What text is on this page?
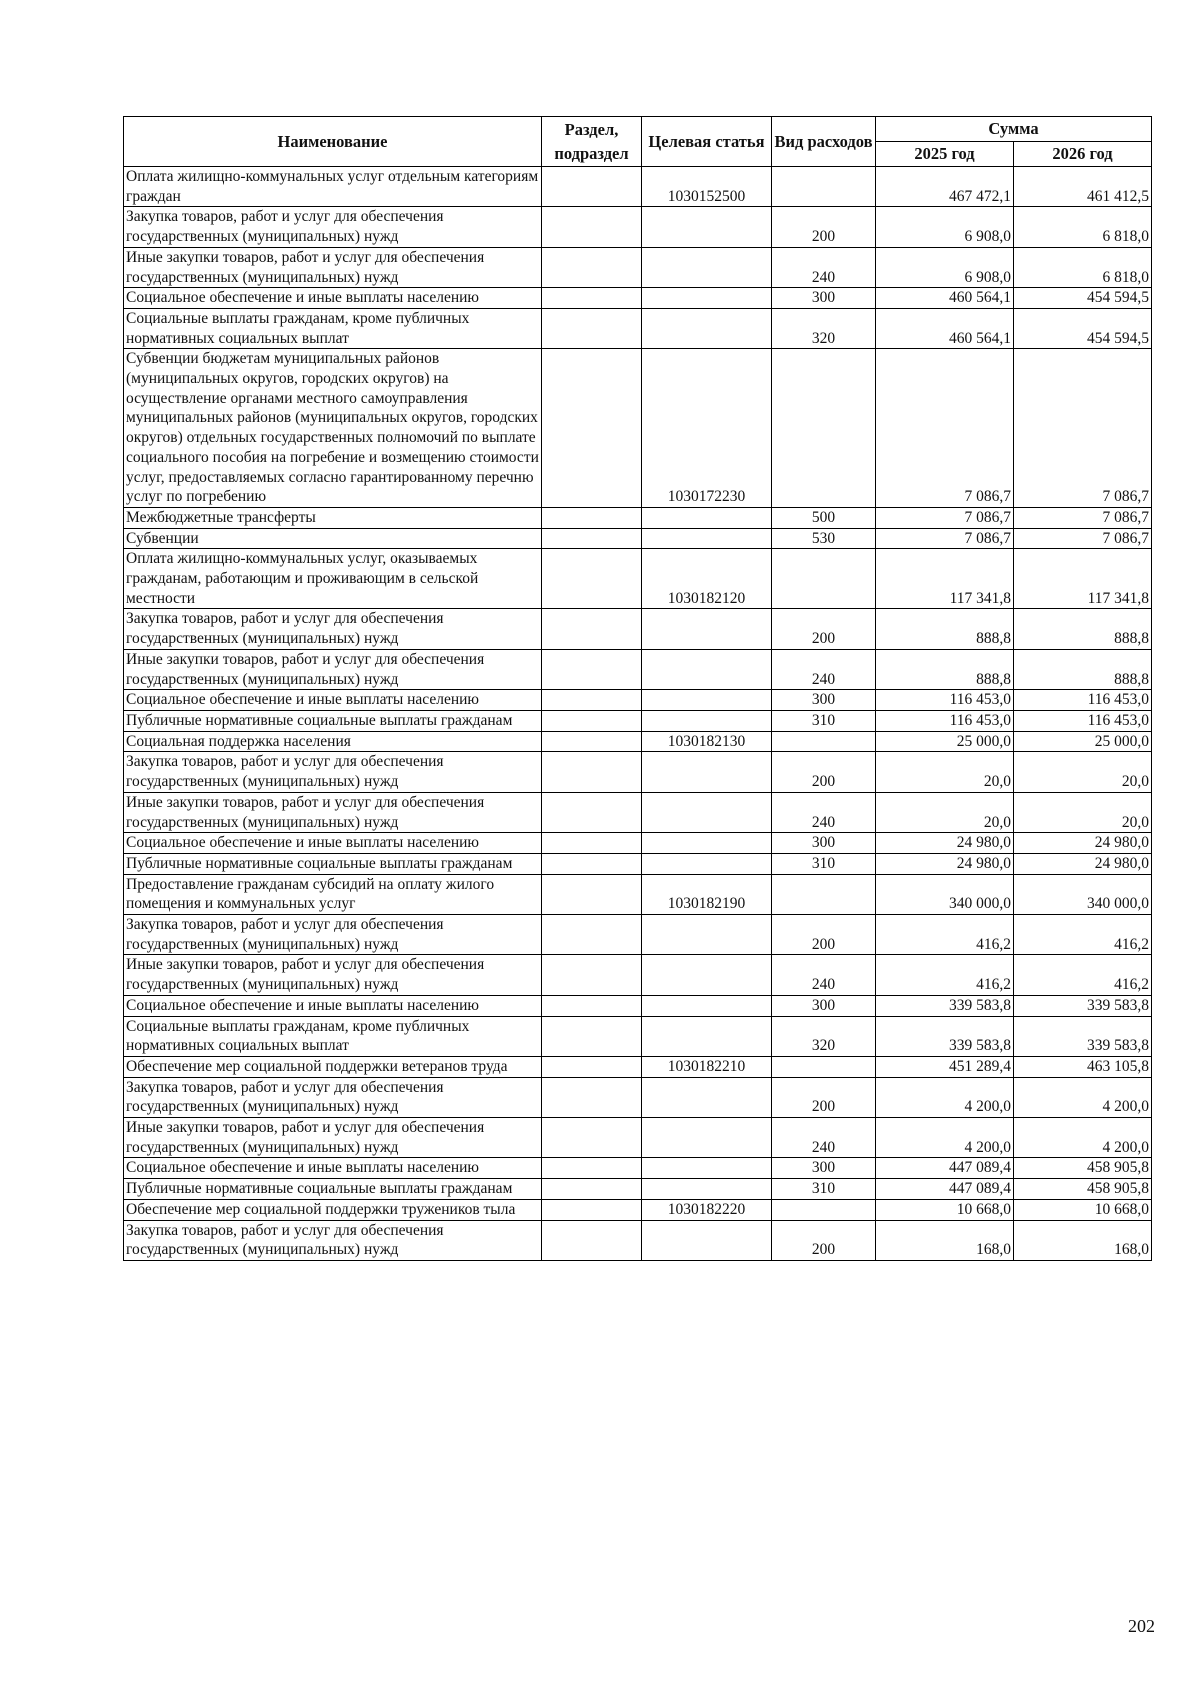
Наименование	Раздел, подраздел	Целевая статья	Вид расходов	Сумма	
				2025 год	2026 год
Оплата жилищно-коммунальных услуг отдельным категориям граждан		1030152500		467 472,1	461 412,5
Закупка товаров, работ и услуг для обеспечения государственных (муниципальных) нужд			200	6 908,0	6 818,0
Иные закупки товаров, работ и услуг для обеспечения государственных (муниципальных) нужд			240	6 908,0	6 818,0
Социальное обеспечение и иные выплаты населению			300	460 564,1	454 594,5
Социальные выплаты гражданам, кроме публичных нормативных социальных выплат			320	460 564,1	454 594,5
Субвенции бюджетам муниципальных районов (муниципальных округов, городских округов) на осуществление органами местного самоуправления муниципальных районов (муниципальных округов, городских округов) отдельных государственных полномочий по выплате социального пособия на погребение и возмещению стоимости услуг, предоставляемых согласно гарантированному перечню услуг по погребению		1030172230		7 086,7	7 086,7
Межбюджетные трансферты			500	7 086,7	7 086,7
Субвенции			530	7 086,7	7 086,7
Оплата жилищно-коммунальных услуг, оказываемых гражданам, работающим и проживающим в сельской местности		1030182120		117 341,8	117 341,8
Закупка товаров, работ и услуг для обеспечения государственных (муниципальных) нужд			200	888,8	888,8
Иные закупки товаров, работ и услуг для обеспечения государственных (муниципальных) нужд			240	888,8	888,8
Социальное обеспечение и иные выплаты населению			300	116 453,0	116 453,0
Публичные нормативные социальные выплаты гражданам			310	116 453,0	116 453,0
Социальная поддержка населения		1030182130		25 000,0	25 000,0
Закупка товаров, работ и услуг для обеспечения государственных (муниципальных) нужд			200	20,0	20,0
Иные закупки товаров, работ и услуг для обеспечения государственных (муниципальных) нужд			240	20,0	20,0
Социальное обеспечение и иные выплаты населению			300	24 980,0	24 980,0
Публичные нормативные социальные выплаты гражданам			310	24 980,0	24 980,0
Предоставление гражданам субсидий на оплату жилого помещения и коммунальных услуг		1030182190		340 000,0	340 000,0
Закупка товаров, работ и услуг для обеспечения государственных (муниципальных) нужд			200	416,2	416,2
Иные закупки товаров, работ и услуг для обеспечения государственных (муниципальных) нужд			240	416,2	416,2
Социальное обеспечение и иные выплаты населению			300	339 583,8	339 583,8
Социальные выплаты гражданам, кроме публичных нормативных социальных выплат			320	339 583,8	339 583,8
Обеспечение мер социальной поддержки ветеранов труда		1030182210		451 289,4	463 105,8
Закупка товаров, работ и услуг для обеспечения государственных (муниципальных) нужд			200	4 200,0	4 200,0
Иные закупки товаров, работ и услуг для обеспечения государственных (муниципальных) нужд			240	4 200,0	4 200,0
Социальное обеспечение и иные выплаты населению			300	447 089,4	458 905,8
Публичные нормативные социальные выплаты гражданам			310	447 089,4	458 905,8
Обеспечение мер социальной поддержки тружеников тыла		1030182220		10 668,0	10 668,0
Закупка товаров, работ и услуг для обеспечения государственных (муниципальных) нужд			200	168,0	168,0
202
